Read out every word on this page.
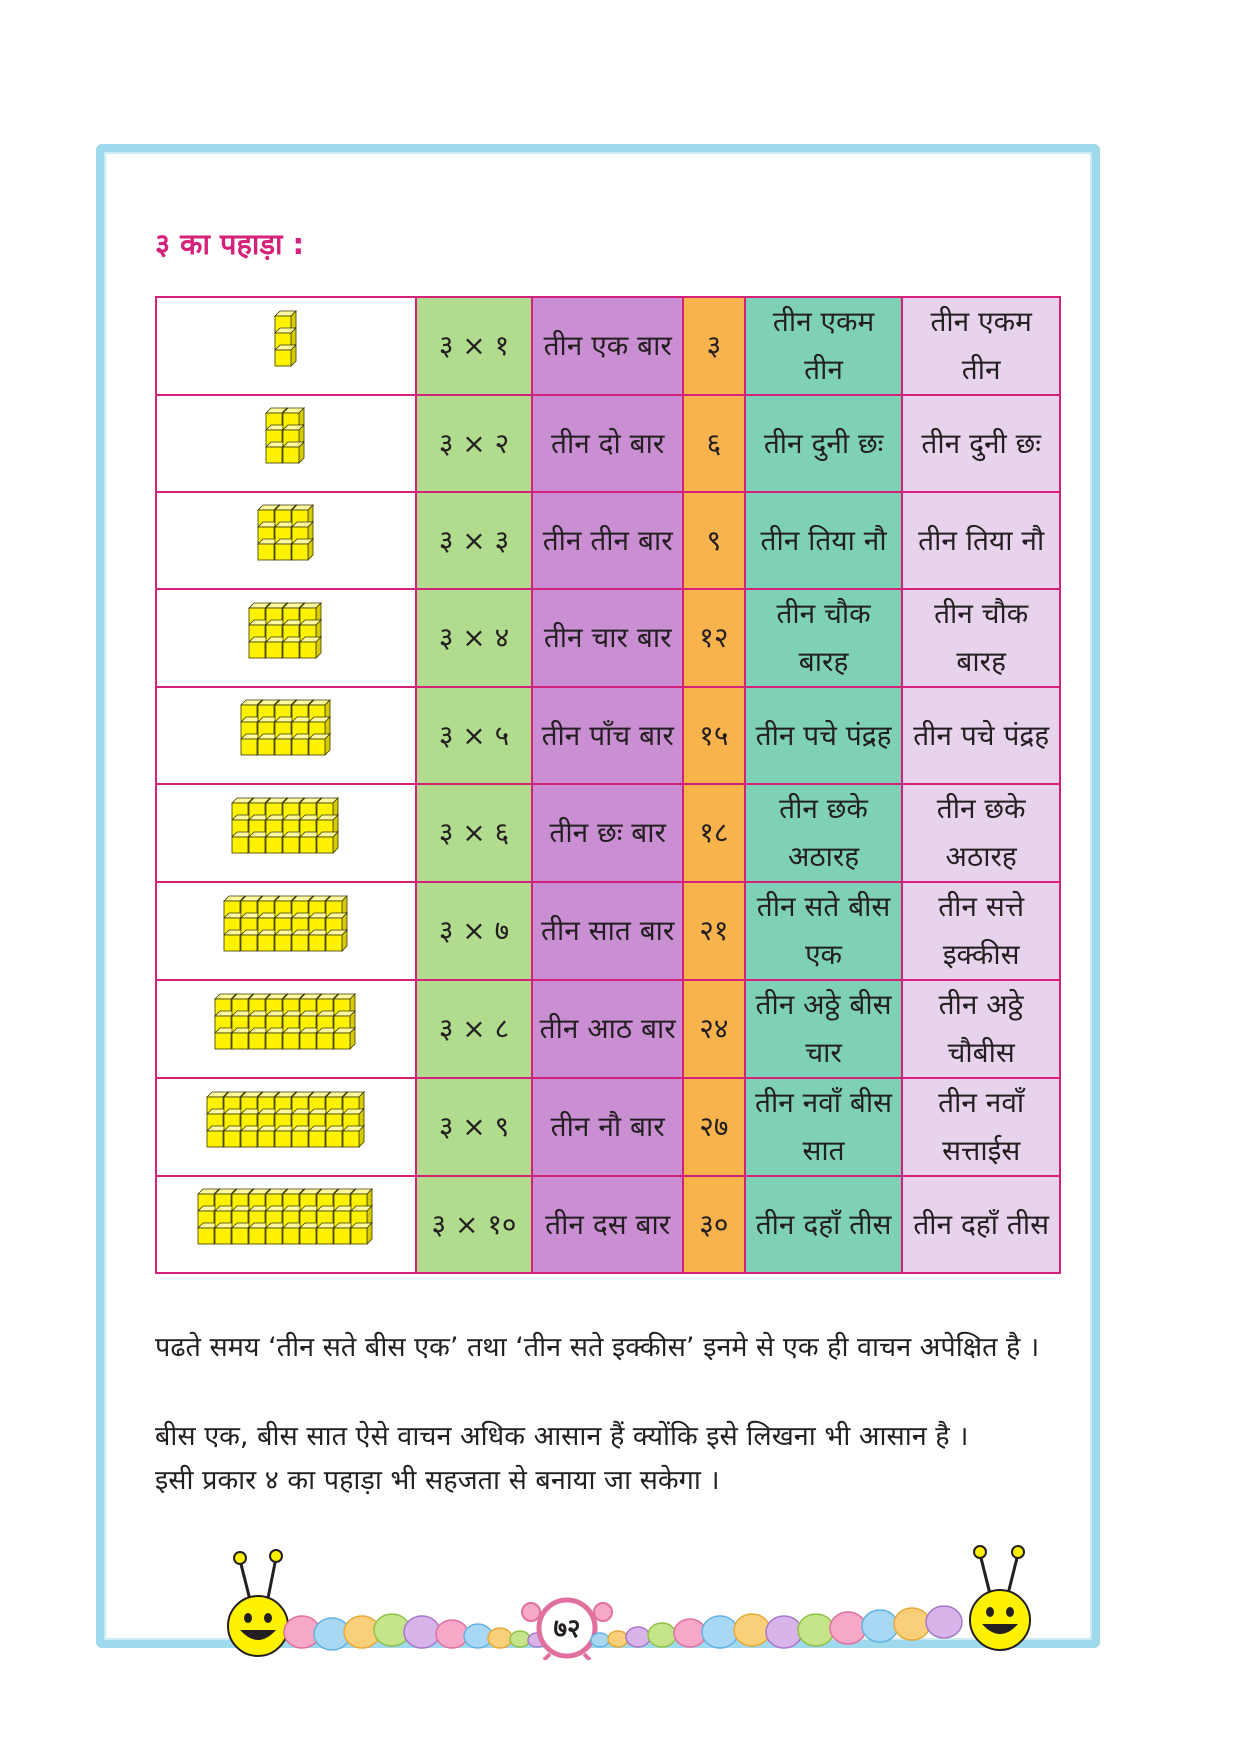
३ का पहाड़ा :
	३ × १	तीन एक बार	३	तीन एकम तीन	तीन एकम तीन
	३ × २	तीन दो बार	६	तीन दुनी छः	तीन दुनी छः
	३ × ३	तीन तीन बार	९	तीन तिया नौ	तीन तिया नौ
	३ × ४	तीन चार बार	१२	तीन चौक बारह	तीन चौक बारह
	३ × ५	तीन पाँच बार	१५	तीन पचे पंद्रह	तीन पचे पंद्रह
	३ × ६	तीन छः बार	१८	तीन छके अठारह	तीन छके अठारह
	३ × ७	तीन सात बार	२१	तीन सते बीस एक	तीन सत्ते इक्कीस
	३ × ८	तीन आठ बार	२४	तीन अठ्ठे बीस चार	तीन अठ्ठे चौबीस
	३ × ९	तीन नौ बार	२७	तीन नवाँ बीस सात	तीन नवाँ सत्ताईस
	३ × १०	तीन दस बार	३०	तीन दहाँ तीस	तीन दहाँ तीस
पढते समय ‘तीन सते बीस एक’ तथा ‘तीन सते इक्कीस’ इनमे से एक ही वाचन अपेक्षित है ।
बीस एक, बीस सात ऐसे वाचन अधिक आसान हैं क्योंकि इसे लिखना भी आसान है ।
इसी प्रकार ४ का पहाड़ा भी सहजता से बनाया जा सकेगा ।
७२
